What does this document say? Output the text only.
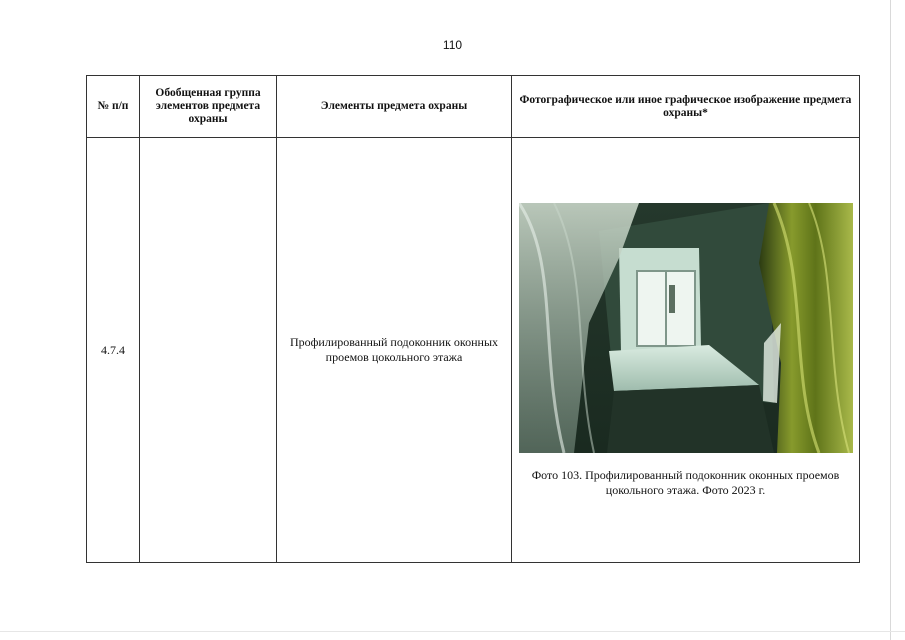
110
№ п/п	Обобщенная группа элементов предмета охраны	Элементы предмета охраны	Фотографическое или иное графическое изображение предмета охраны*
4.7.4		Профилированный подоконник оконных проемов цокольного этажа	Фото 103. Профилированный подоконник оконных проемов цокольного этажа. Фото 2023 г.
